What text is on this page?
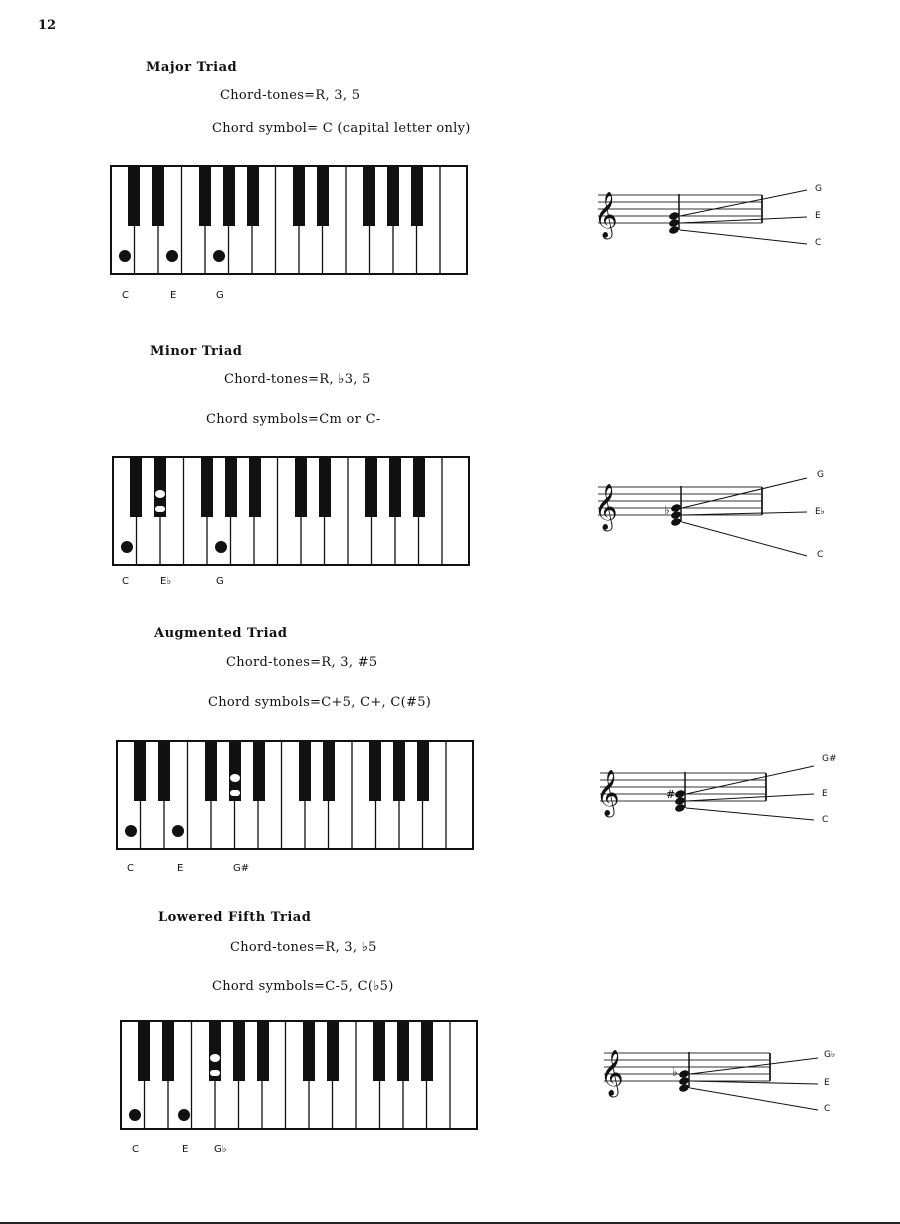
12
Major Triad
Chord-tones=R, 3, 5
Chord symbol= C (capital letter only)
C	E	G
𝄞
G
E
C
Minor Triad
Chord-tones=R, ♭3, 5
Chord symbols=Cm or C-
C	E♭	G
𝄞	♭
G
E♭
C
Augmented Triad
Chord-tones=R, 3, #5
Chord symbols=C+5, C+, C(#5)
C	E	G#
𝄞	#
G#
E
C
Lowered Fifth Triad
Chord-tones=R, 3, ♭5
Chord symbols=C-5, C(♭5)
C	E	G♭
𝄞	♭
G♭
E
C
